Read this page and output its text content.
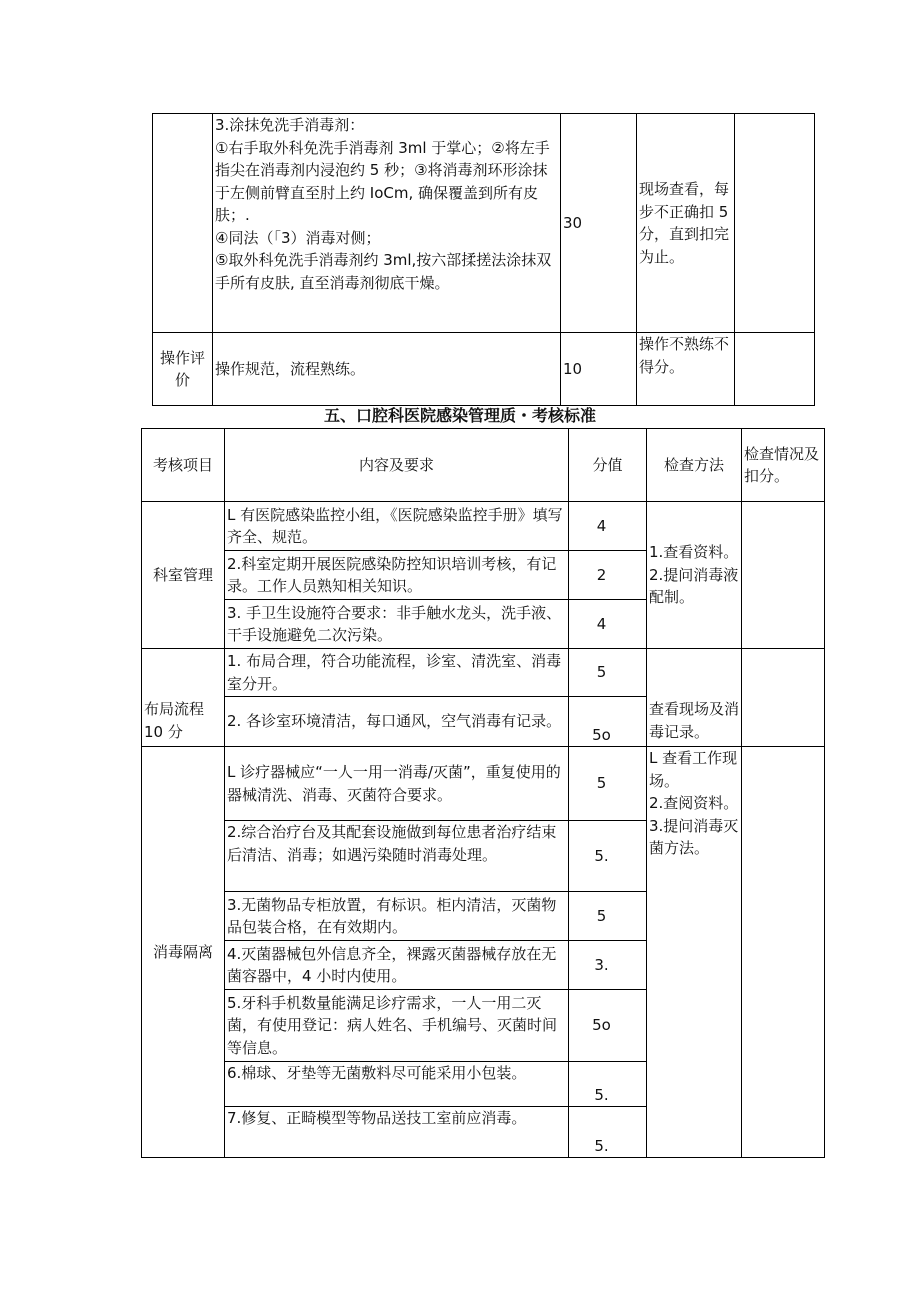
	3.涂抹免洗手消毒剂：
①右手取外科免洗手消毒剂 3ml 于掌心；②将左手指尖在消毒剂内浸泡约 5 秒；③将消毒剂环形涂抹于左侧前臂直至肘上约 IoCm, 确保覆盖到所有皮肤；.
④同法（「3）消毒对侧；
⑤取外科免洗手消毒剂约 3ml,按六部揉搓法涂抹双手所有皮肤, 直至消毒剂彻底干燥。	30	现场查看，每步不正确扣 5 分，直到扣完为止。	
操作评价	操作规范，流程熟练。	10	操作不熟练不得分。	
五、口腔科医院感染管理质・考核标准
考核项目	内容及要求	分值	检查方法	检查情况及扣分。
科室管理	L 有医院感染监控小组，《医院感染监控手册》填写齐全、规范。	4	1.查看资料。
2.提问消毒液配制。	

	2.科室定期开展医院感染防控知识培训考核，有记录。工作人员熟知相关知识。	2		
	3. 手卫生设施符合要求：非手触水龙头，洗手液、干手设施避免二次污染。	4		
布局流程 10 分	1. 布局合理，符合功能流程，诊室、清洗室、消毒室分开。	5	查看现场及消毒记录。	

	2. 各诊室环境清洁，每口通风，空气消毒有记录。	5o		
消毒隔离	L 诊疗器械应“一人一用一消毒/灭菌”，重复使用的器械清洗、消毒、灭菌符合要求。	5	L 查看工作现场。
2.查阅资料。
3.提问消毒灭菌方法。	

	2.综合治疗台及其配套设施做到每位患者治疗结束后清洁、消毒；如遇污染随时消毒处理。	5.		
	3.无菌物品专柜放置，有标识。柜内清洁，灭菌物品包装合格，在有效期内。	5		
	4.灭菌器械包外信息齐全，裸露灭菌器械存放在无菌容器中，4 小时内使用。	3.		
	5.牙科手机数量能满足诊疗需求，一人一用二灭菌，有使用登记：病人姓名、手机编号、灭菌时间等信息。	5o		
	6.棉球、牙垫等无菌敷料尽可能采用小包装。	5.		
	7.修复、正畸模型等物品送技工室前应消毒。	5.		
